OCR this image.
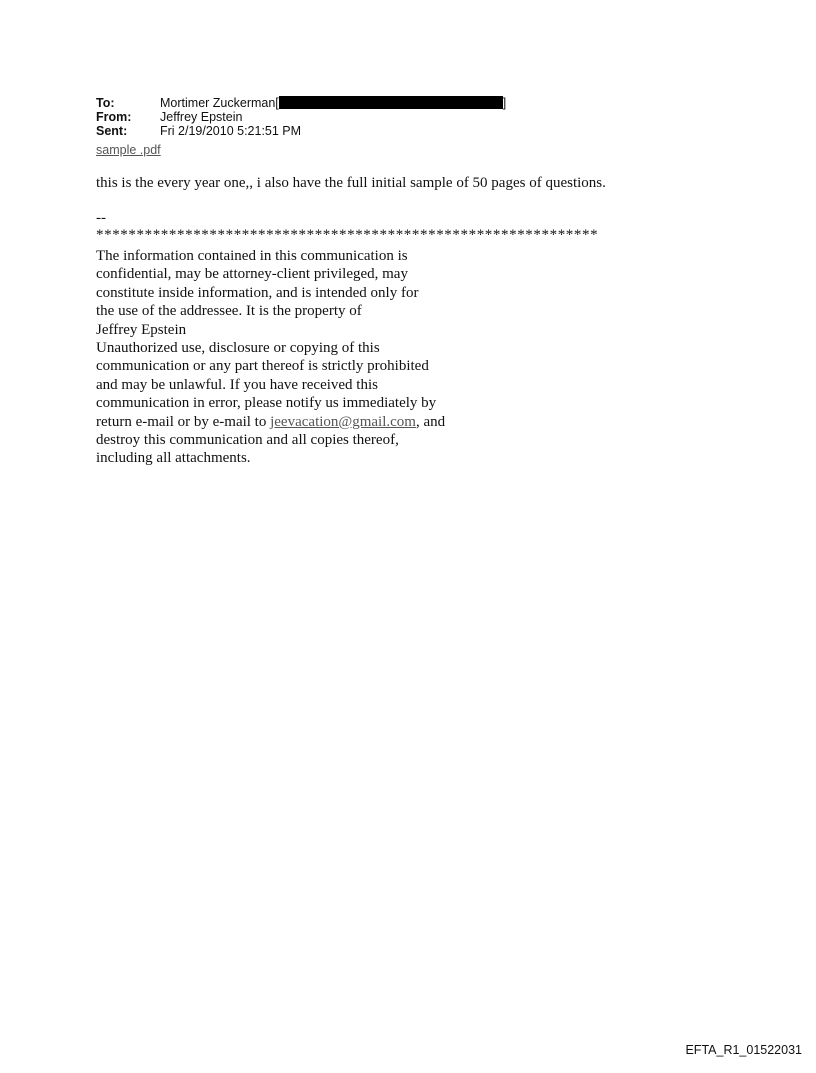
To:	Mortimer Zuckerman[	]
From:	Jeffrey Epstein
Sent:	Fri 2/19/2010 5:21:51 PM
sample .pdf
this is the every year one,, i also have the full initial sample of 50 pages of questions.
--
**************************************************************
The information contained in this communication is
confidential, may be attorney-client privileged, may
constitute inside information, and is intended only for
the use of the addressee. It is the property of
Jeffrey Epstein
Unauthorized use, disclosure or copying of this
communication or any part thereof is strictly prohibited
and may be unlawful. If you have received this
communication in error, please notify us immediately by
return e-mail or by e-mail to jeevacation@gmail.com, and
destroy this communication and all copies thereof,
including all attachments.
EFTA_R1_01522031
